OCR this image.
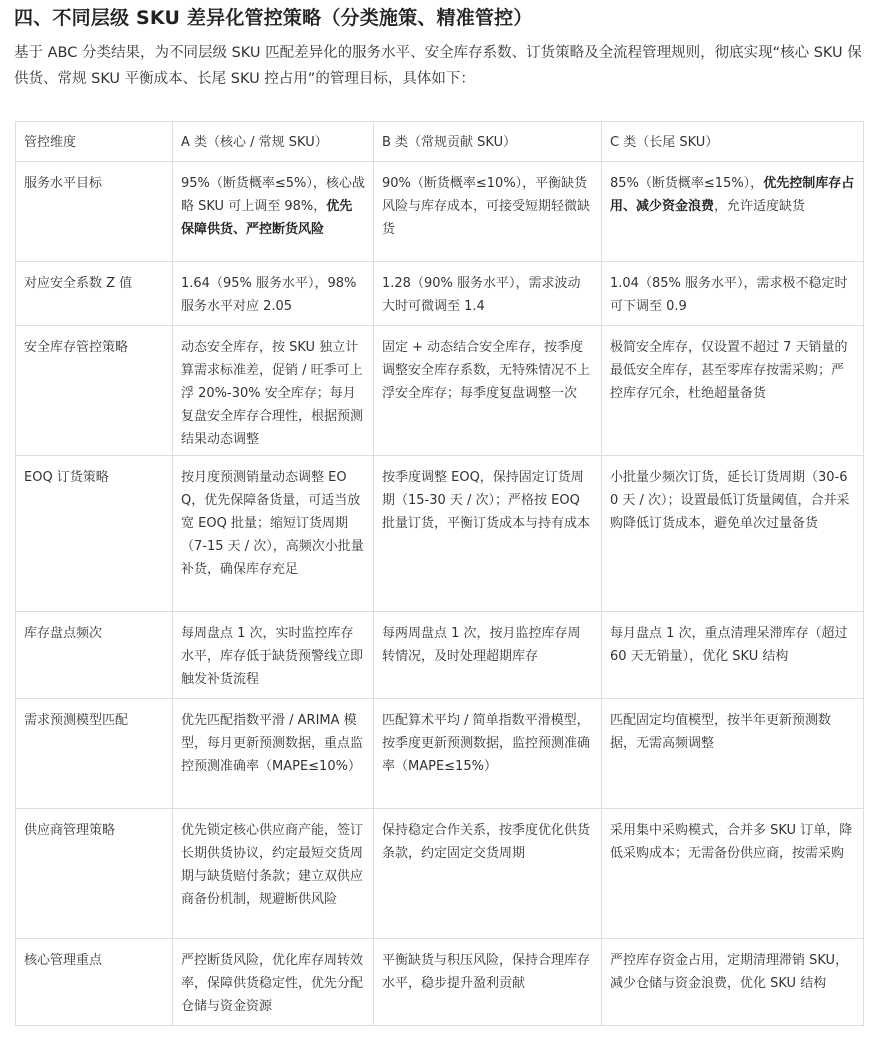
四、不同层级 SKU 差异化管控策略（分类施策、精准管控）

基于 ABC 分类结果，为不同层级 SKU 匹配差异化的服务水平、安全库存系数、订货策略及全流程管理规则，彻底实现“核心 SKU 保供货、常规 SKU 平衡成本、长尾 SKU 控占用”的管理目标，具体如下：

管控维度	A 类（核心 / 常规 SKU）	B 类（常规贡献 SKU）	C 类（长尾 SKU）
服务水平目标	95%（断货概率≤5%），核心战略 SKU 可上调至 98%，优先保障供货、严控断货风险	90%（断货概率≤10%），平衡缺货风险与库存成本，可接受短期轻微缺货	85%（断货概率≤15%），优先控制库存占用、减少资金浪费，允许适度缺货
对应安全系数 Z 值	1.64（95% 服务水平），98% 服务水平对应 2.05	1.28（90% 服务水平），需求波动大时可微调至 1.4	1.04（85% 服务水平），需求极不稳定时可下调至 0.9
安全库存管控策略	动态安全库存，按 SKU 独立计算需求标准差，促销 / 旺季可上浮 20%-30% 安全库存；每月复盘安全库存合理性，根据预测结果动态调整	固定 + 动态结合安全库存，按季度调整安全库存系数，无特殊情况不上浮安全库存；每季度复盘调整一次	极简安全库存，仅设置不超过 7 天销量的最低安全库存，甚至零库存按需采购；严控库存冗余，杜绝超量备货
EOQ 订货策略	按月度预测销量动态调整 EOQ，优先保障备货量，可适当放宽 EOQ 批量；缩短订货周期（7-15 天 / 次），高频次小批量补货，确保库存充足	按季度调整 EOQ，保持固定订货周期（15-30 天 / 次）；严格按 EOQ 批量订货，平衡订货成本与持有成本	小批量少频次订货，延长订货周期（30-60 天 / 次）；设置最低订货量阈值，合并采购降低订货成本，避免单次过量备货
库存盘点频次	每周盘点 1 次，实时监控库存水平，库存低于缺货预警线立即触发补货流程	每两周盘点 1 次，按月监控库存周转情况，及时处理超期库存	每月盘点 1 次，重点清理呆滞库存（超过 60 天无销量），优化 SKU 结构
需求预测模型匹配	优先匹配指数平滑 / ARIMA 模型，每月更新预测数据，重点监控预测准确率（MAPE≤10%）	匹配算术平均 / 简单指数平滑模型，按季度更新预测数据，监控预测准确率（MAPE≤15%）	匹配固定均值模型，按半年更新预测数据，无需高频调整
供应商管理策略	优先锁定核心供应商产能，签订长期供货协议，约定最短交货周期与缺货赔付条款；建立双供应商备份机制，规避断供风险	保持稳定合作关系，按季度优化供货条款，约定固定交货周期	采用集中采购模式，合并多 SKU 订单，降低采购成本；无需备份供应商，按需采购
核心管理重点	严控断货风险，优化库存周转效率，保障供货稳定性，优先分配仓储与资金资源	平衡缺货与积压风险，保持合理库存水平，稳步提升盈利贡献	严控库存资金占用，定期清理滞销 SKU，减少仓储与资金浪费，优化 SKU 结构
